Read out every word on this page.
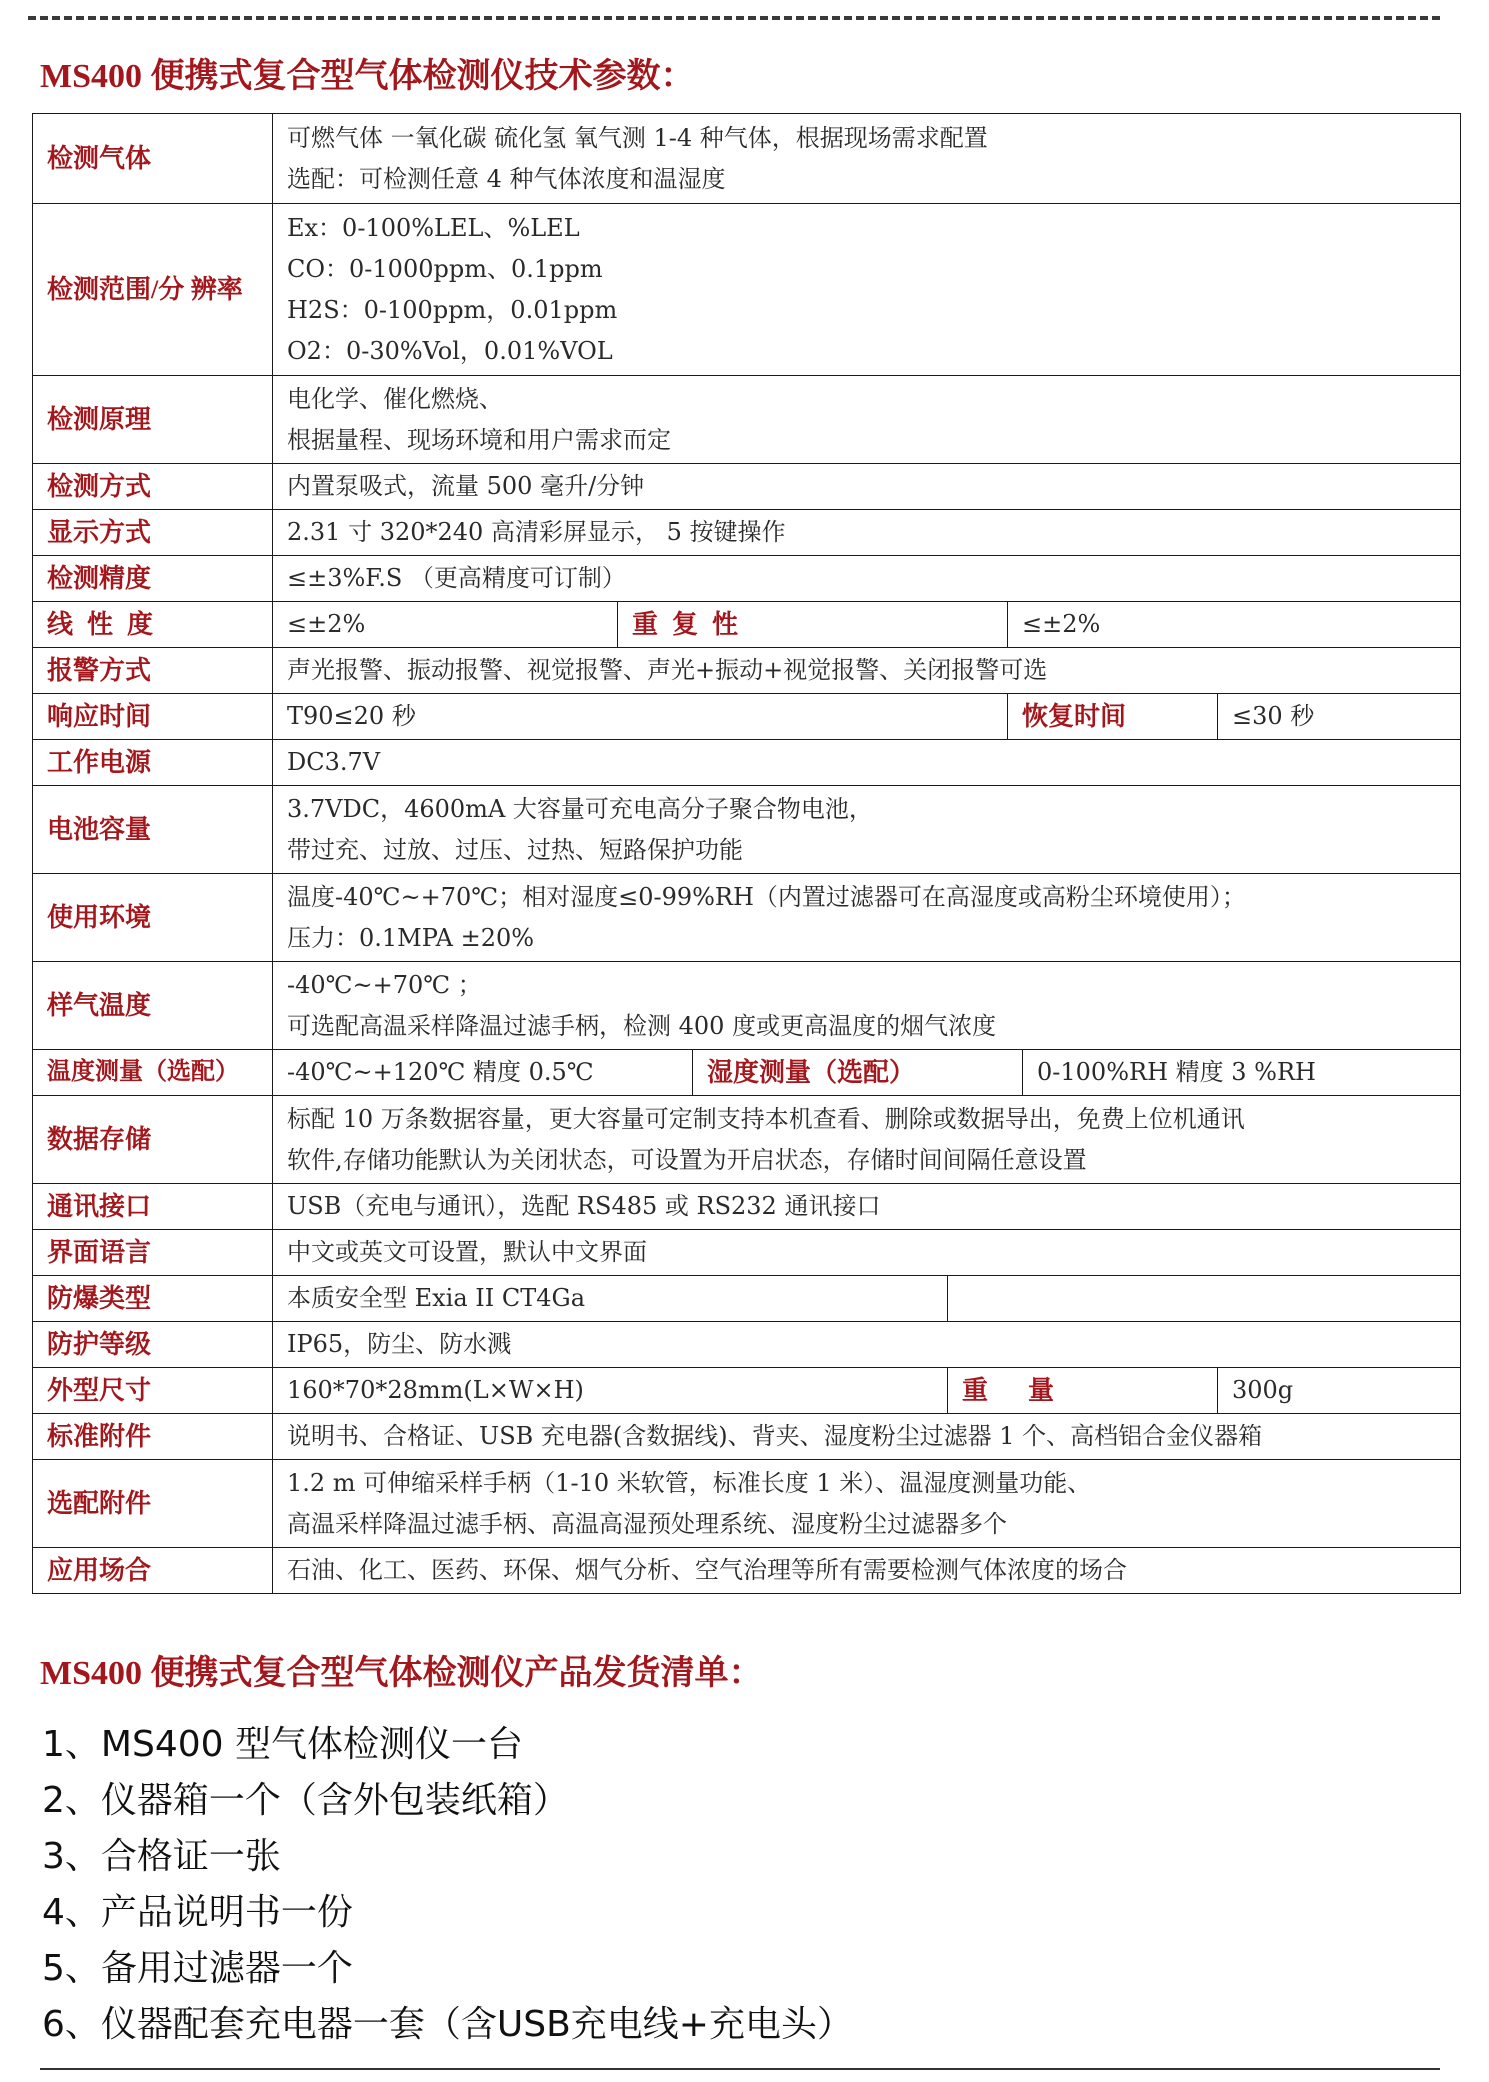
MS400 便携式复合型气体检测仪技术参数：
检测气体	可燃气体 一氧化碳 硫化氢 氧气测 1-4 种气体，根据现场需求配置
选配：可检测任意 4 种气体浓度和温湿度						

检测范围/分 辨率	Ex：0-100%LEL、%LEL
CO：0-1000ppm、0.1ppm
H2S：0-100ppm，0.01ppm
O2：0-30%Vol，0.01%VOL						

检测原理	电化学、催化燃烧、
根据量程、现场环境和用户需求而定						

检测方式	内置泵吸式，流量 500 毫升/分钟						
显示方式	2.31 寸 320*240 高清彩屏显示， 5 按键操作						
检测精度	≤±3%F.S （更高精度可订制）						
线性度	≤±2%	重复性			≤±2%		
报警方式	声光报警、振动报警、视觉报警、声光+振动+视觉报警、关闭报警可选						
响应时间	T90≤20 秒				恢复时间		≤30 秒
工作电源	DC3.7V						
电池容量	3.7VDC，4600mA 大容量可充电高分子聚合物电池，
带过充、过放、过压、过热、短路保护功能						

使用环境	温度-40℃~+70℃；相对湿度≤0-99%RH（内置过滤器可在高湿度或高粉尘环境使用）；
压力：0.1MPA ±20%						

样气温度	-40℃~+70℃ ；
可选配高温采样降温过滤手柄，检测 400 度或更高温度的烟气浓度						

温度测量（选配）	-40℃~+120℃ 精度 0.5℃		湿度测量（选配）			0-100%RH 精度 3 %RH	
数据存储	标配 10 万条数据容量，更大容量可定制支持本机查看、删除或数据导出，免费上位机通讯
软件,存储功能默认为关闭状态，可设置为开启状态，存储时间间隔任意设置						

通讯接口	USB（充电与通讯），选配 RS485 或 RS232 通讯接口						
界面语言	中文或英文可设置，默认中文界面						
防爆类型	本质安全型 Exia II CT4Ga						
防护等级	IP65，防尘、防水溅						
外型尺寸	160*70*28mm(L×W×H)			重量			300g
标准附件	说明书、合格证、USB 充电器(含数据线)、背夹、湿度粉尘过滤器 1 个、高档铝合金仪器箱						
选配附件	1.2 m 可伸缩采样手柄（1-10 米软管，标准长度 1 米）、温湿度测量功能、
高温采样降温过滤手柄、高温高湿预处理系统、湿度粉尘过滤器多个						

应用场合	石油、化工、医药、环保、烟气分析、空气治理等所有需要检测气体浓度的场合						
MS400 便携式复合型气体检测仪产品发货清单：
1、MS400 型气体检测仪一台
2、仪器箱一个（含外包装纸箱）
3、合格证一张
4、产品说明书一份
5、备用过滤器一个
6、仪器配套充电器一套（含USB充电线+充电头）
